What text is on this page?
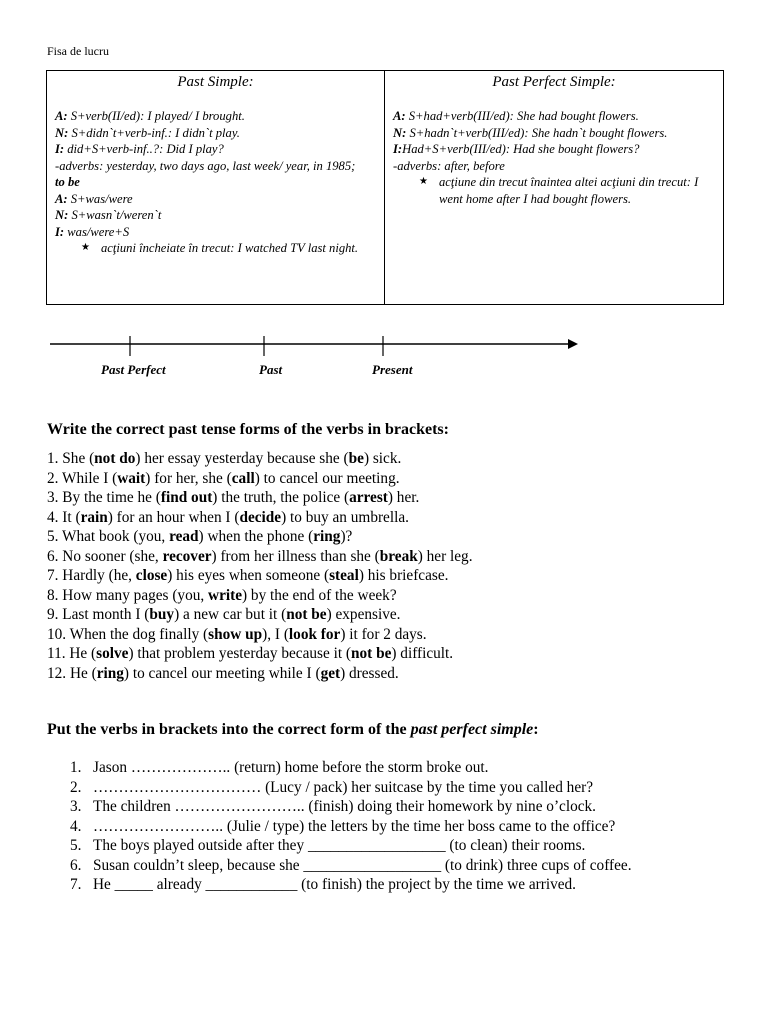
Fisa de lucru
Past Simple:
A: S+verb(II/ed): I played/ I brought.
N: S+didn`t+verb-inf.: I didn`t play.
I: did+S+verb-inf..?: Did I play?
-adverbs: yesterday, two days ago, last week/ year, in 1985;
to be
A: S+was/were
N: S+wasn`t/weren`t
I: was/were+S
★ acţiuni încheiate în trecut: I watched TV last night.
Past Perfect Simple:
A: S+had+verb(III/ed): She had bought flowers.
N: S+hadn`t+verb(III/ed): She hadn`t bought flowers.
I:Had+S+verb(III/ed): Had she bought flowers?
-adverbs: after, before
★ acţiune din trecut înaintea altei acţiuni din trecut: I went home after I had bought flowers.
Past Perfect	Past	Present
Write the correct past tense forms of the verbs in brackets:
1. She (not do) her essay yesterday because she (be) sick.
2. While I (wait) for her, she (call) to cancel our meeting.
3. By the time he (find out) the truth, the police (arrest) her.
4. It (rain) for an hour when I (decide) to buy an umbrella.
5. What book (you, read) when the phone (ring)?
6. No sooner (she, recover) from her illness than she (break) her leg.
7. Hardly (he, close) his eyes when someone (steal) his briefcase.
8. How many pages (you, write) by the end of the week?
9. Last month I (buy) a new car but it (not be) expensive.
10. When the dog finally (show up), I (look for) it for 2 days.
11. He (solve) that problem yesterday because it (not be) difficult.
12. He (ring) to cancel our meeting while I (get) dressed.
Put the verbs in brackets into the correct form of the past perfect simple:
1. Jason ……………….. (return) home before the storm broke out.
2. …………………………… (Lucy / pack) her suitcase by the time you called her?
3. The children …………………….. (finish) doing their homework by nine o’clock.
4. …………………….. (Julie / type) the letters by the time her boss came to the office?
5. The boys played outside after they __________________ (to clean) their rooms.
6. Susan couldn’t sleep, because she __________________ (to drink) three cups of coffee.
7. He _____ already ____________ (to finish) the project by the time we arrived.
